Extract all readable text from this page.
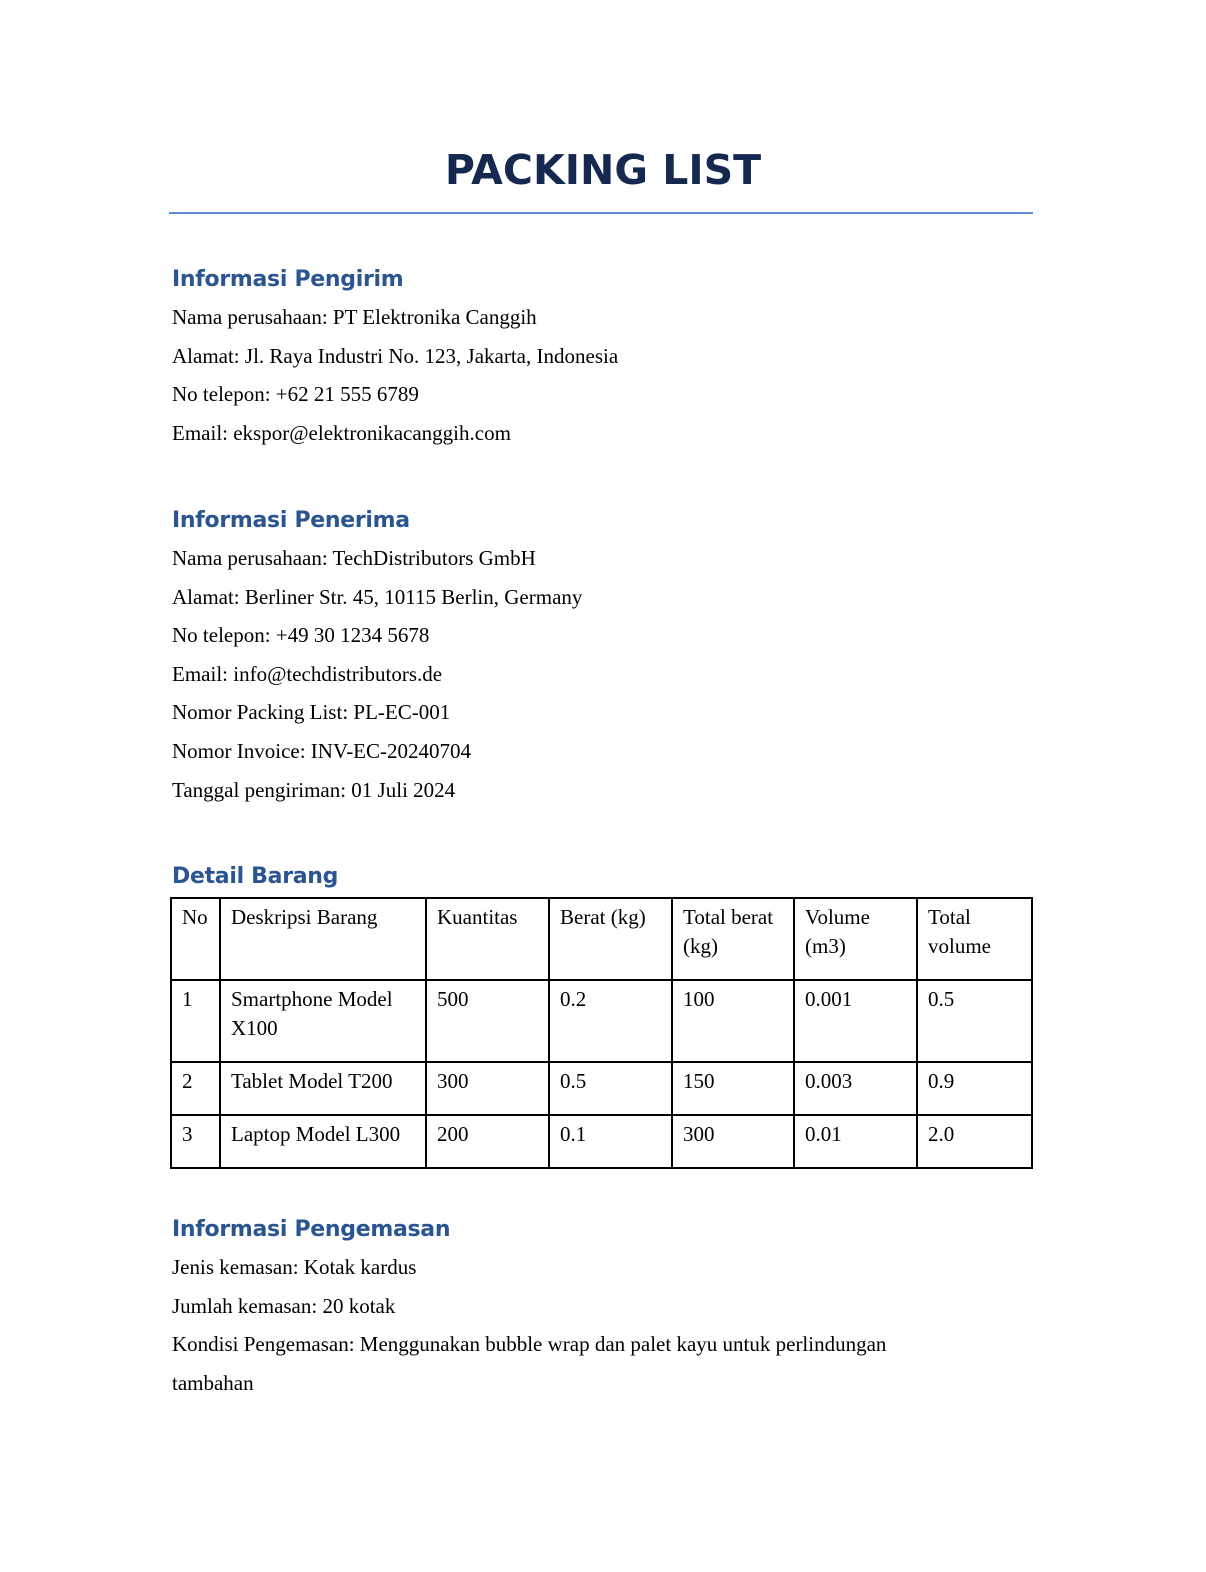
PACKING LIST
Informasi Pengirim
Nama perusahaan: PT Elektronika Canggih
Alamat: Jl. Raya Industri No. 123, Jakarta, Indonesia
No telepon: +62 21 555 6789
Email: ekspor@elektronikacanggih.com
Informasi Penerima
Nama perusahaan: TechDistributors GmbH
Alamat: Berliner Str. 45, 10115 Berlin, Germany
No telepon: +49 30 1234 5678
Email: info@techdistributors.de
Nomor Packing List: PL-EC-001
Nomor Invoice: INV-EC-20240704
Tanggal pengiriman: 01 Juli 2024
Detail Barang
No	Deskripsi Barang	Kuantitas	Berat (kg)	Total berat (kg)	Volume (m3)	Total volume
1	Smartphone Model X100	500	0.2	100	0.001	0.5
2	Tablet Model T200	300	0.5	150	0.003	0.9
3	Laptop Model L300	200	0.1	300	0.01	2.0
Informasi Pengemasan
Jenis kemasan: Kotak kardus
Jumlah kemasan: 20 kotak
Kondisi Pengemasan: Menggunakan bubble wrap dan palet kayu untuk perlindungan
tambahan
